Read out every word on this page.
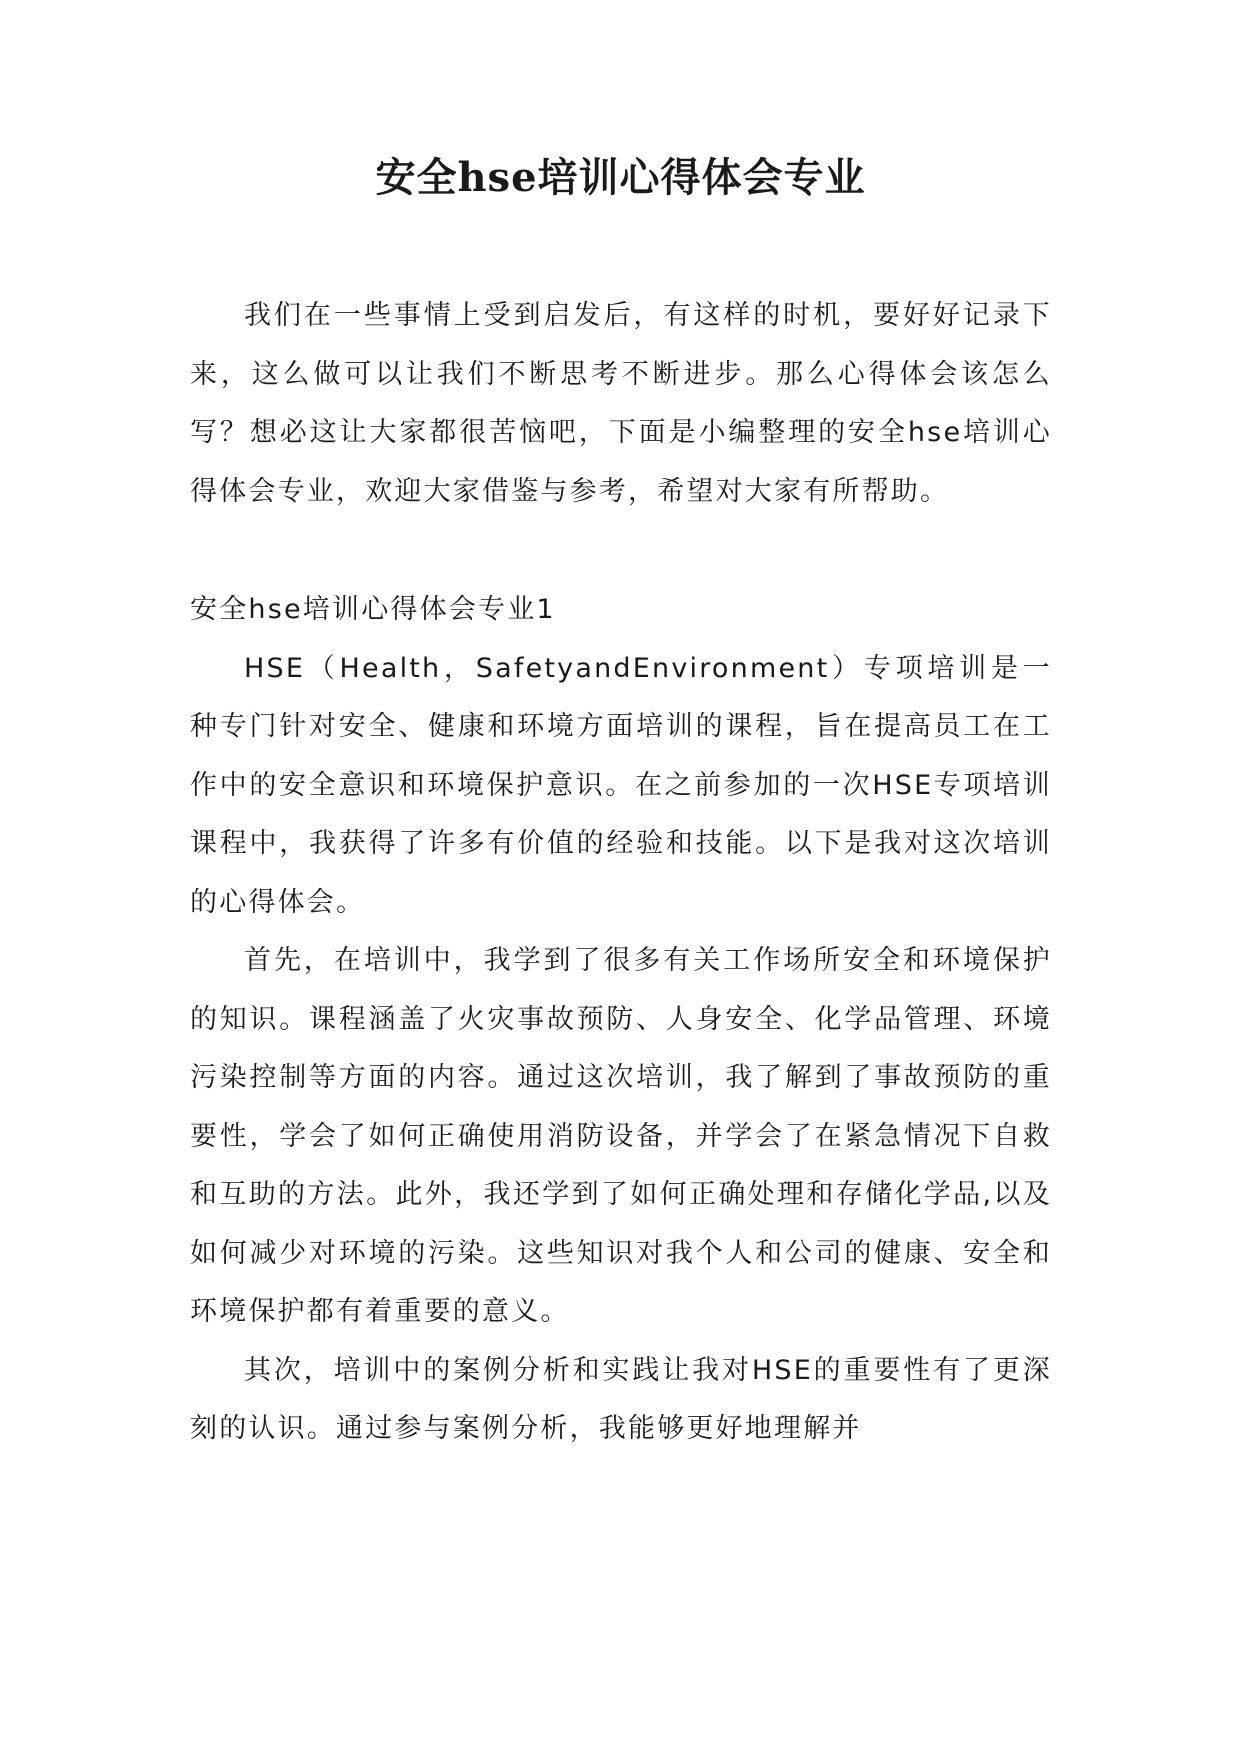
安全hse培训心得体会专业

我们在一些事情上受到启发后，有这样的时机，要好好记录下来，这么做可以让我们不断思考不断进步。那么心得体会该怎么写？想必这让大家都很苦恼吧，下面是小编整理的安全hse培训心得体会专业，欢迎大家借鉴与参考，希望对大家有所帮助。

安全hse培训心得体会专业1

HSE（Health，SafetyandEnvironment）专项培训是一种专门针对安全、健康和环境方面培训的课程，旨在提高员工在工作中的安全意识和环境保护意识。在之前参加的一次HSE专项培训课程中，我获得了许多有价值的经验和技能。以下是我对这次培训的心得体会。

首先，在培训中，我学到了很多有关工作场所安全和环境保护的知识。课程涵盖了火灾事故预防、人身安全、化学品管理、环境污染控制等方面的内容。通过这次培训，我了解到了事故预防的重要性，学会了如何正确使用消防设备，并学会了在紧急情况下自救和互助的方法。此外，我还学到了如何正确处理和存储化学品,以及如何减少对环境的污染。这些知识对我个人和公司的健康、安全和环境保护都有着重要的意义。

其次，培训中的案例分析和实践让我对HSE的重要性有了更深刻的认识。通过参与案例分析，我能够更好地理解并
